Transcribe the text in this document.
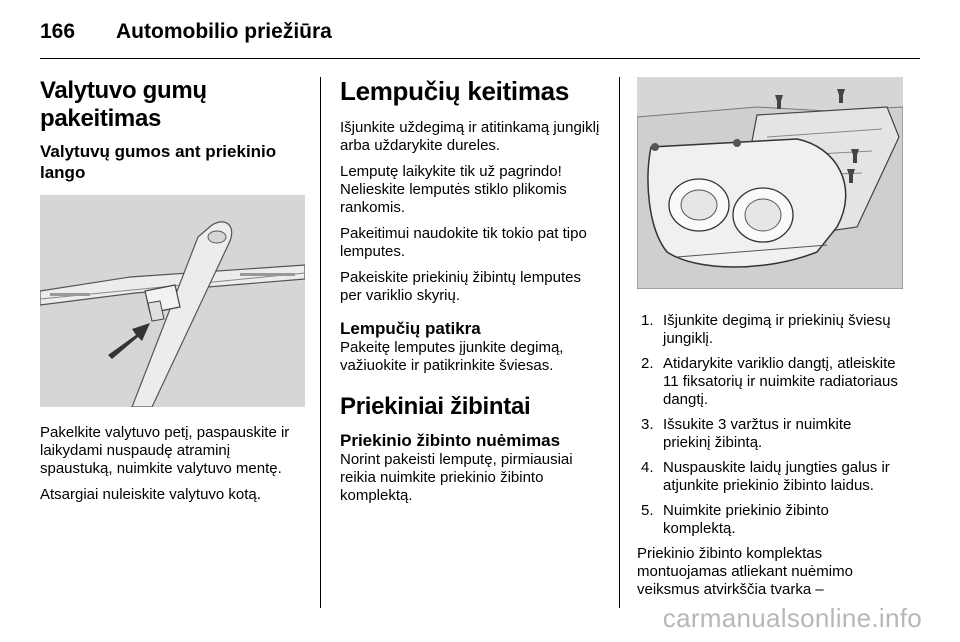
166 Automobilio priežiūra
Valytuvo gumų pakeitimas
Valytuvų gumos ant priekinio lango

Pakelkite valytuvo petį, paspauskite ir laikydami nuspaudę atraminį spaustuką, nuimkite valytuvo mentę.

Atsargiai nuleiskite valytuvo kotą.

Lempučių keitimas

Išjunkite uždegimą ir atitinkamą jungiklį arba uždarykite dureles.

Lemputę laikykite tik už pagrindo! Nelieskite lemputės stiklo plikomis rankomis.

Pakeitimui naudokite tik tokio pat tipo lemputes.

Pakeiskite priekinių žibintų lemputes per variklio skyrių.

Lempučių patikra

Pakeitę lemputes įjunkite degimą, važiuokite ir patikrinkite šviesas.

Priekiniai žibintai
Priekinio žibinto nuėmimas

Norint pakeisti lemputę, pirmiausiai reikia nuimkite priekinio žibinto komplektą.

1. Išjunkite degimą ir priekinių šviesų jungiklį.
2. Atidarykite variklio dangtį, atleiskite 11 fiksatorių ir nuimkite radiatoriaus dangtį.
3. Išsukite 3 varžtus ir nuimkite priekinį žibintą.
4. Nuspauskite laidų jungties galus ir atjunkite priekinio žibinto laidus.
5. Nuimkite priekinio žibinto komplektą.

Priekinio žibinto komplektas montuojamas atliekant nuėmimo veiksmus atvirkščia tvarka –

carmanualsonline.info
